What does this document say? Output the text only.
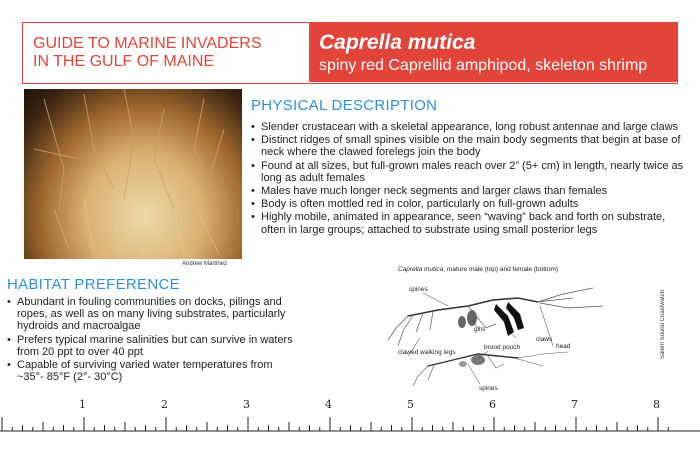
GUIDE TO MARINE INVADERS
IN THE GULF OF MAINE
Caprella mutica
spiny red Caprellid amphipod, skeleton shrimp
Andrew Martinez
PHYSICAL DESCRIPTION
• Slender crustacean with a skeletal appearance, long robust antennae and large claws
• Distinct ridges of small spines visible on the main body segments that begin at base of neck where the clawed forelegs join the body
• Found at all sizes, but full-grown males reach over 2” (5+ cm) in length, nearly twice as long as adult females
• Males have much longer neck segments and larger claws than females
• Body is often mottled red in color, particularly on full-grown adults
• Highly mobile, animated in appearance, seen “waving” back and forth on substrate, often in large groups; attached to substrate using small posterior legs
HABITAT PREFERENCE
• Abundant in fouling communities on docks, pilings and ropes, as well as on many living substrates, particularly hydroids and macroalgae
• Prefers typical marine salinities but can survive in waters from 20 ppt to over 40 ppt
• Capable of surviving varied water temperatures from ~35°- 85°F (2°- 30°C)
Caprella mutica, mature male (top) and female (bottom)
spines
gills
claws
brood pouch	head
clawed walking legs
spines
Salem Sound Coastwatch
1	2	3	4	5	6	7	8
